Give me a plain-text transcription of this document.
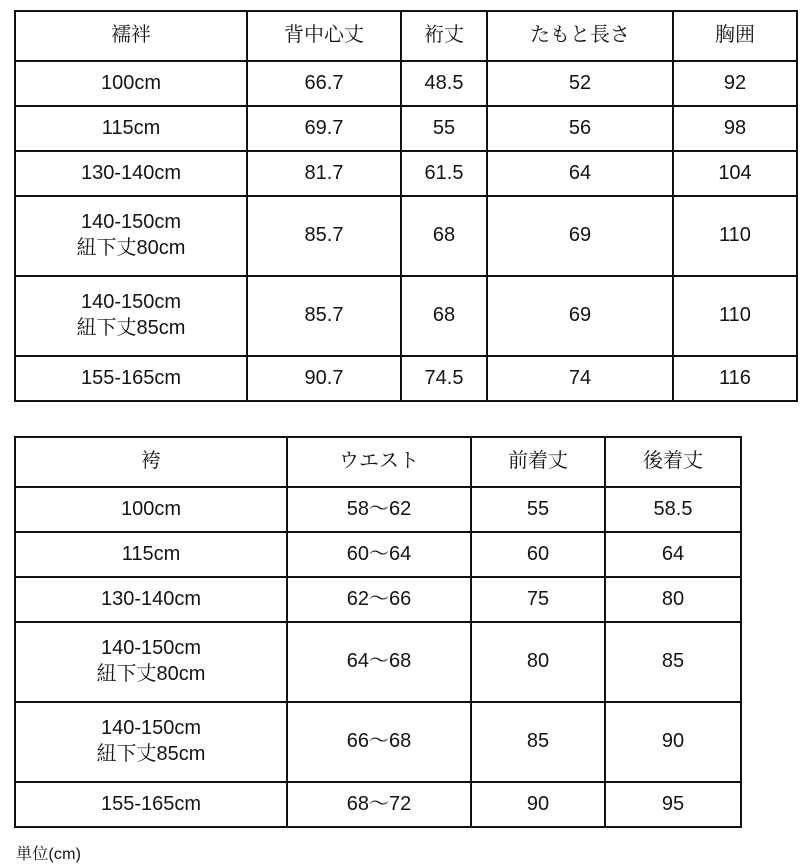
襦袢	背中心丈	裄丈	たもと長さ	胸囲
100cm	66.7	48.5	52	92
115cm	69.7	55	56	98
130-140cm	81.7	61.5	64	104

140-150cm
紐下丈80cm	85.7	68	69	110

140-150cm
紐下丈85cm	85.7	68	69	110
155-165cm	90.7	74.5	74	116
袴	ウエスト	前着丈	後着丈
100cm	58〜62	55	58.5
115cm	60〜64	60	64
130-140cm	62〜66	75	80

140-150cm
紐下丈80cm	64〜68	80	85

140-150cm
紐下丈85cm	66〜68	85	90
155-165cm	68〜72	90	95
単位(cm)
